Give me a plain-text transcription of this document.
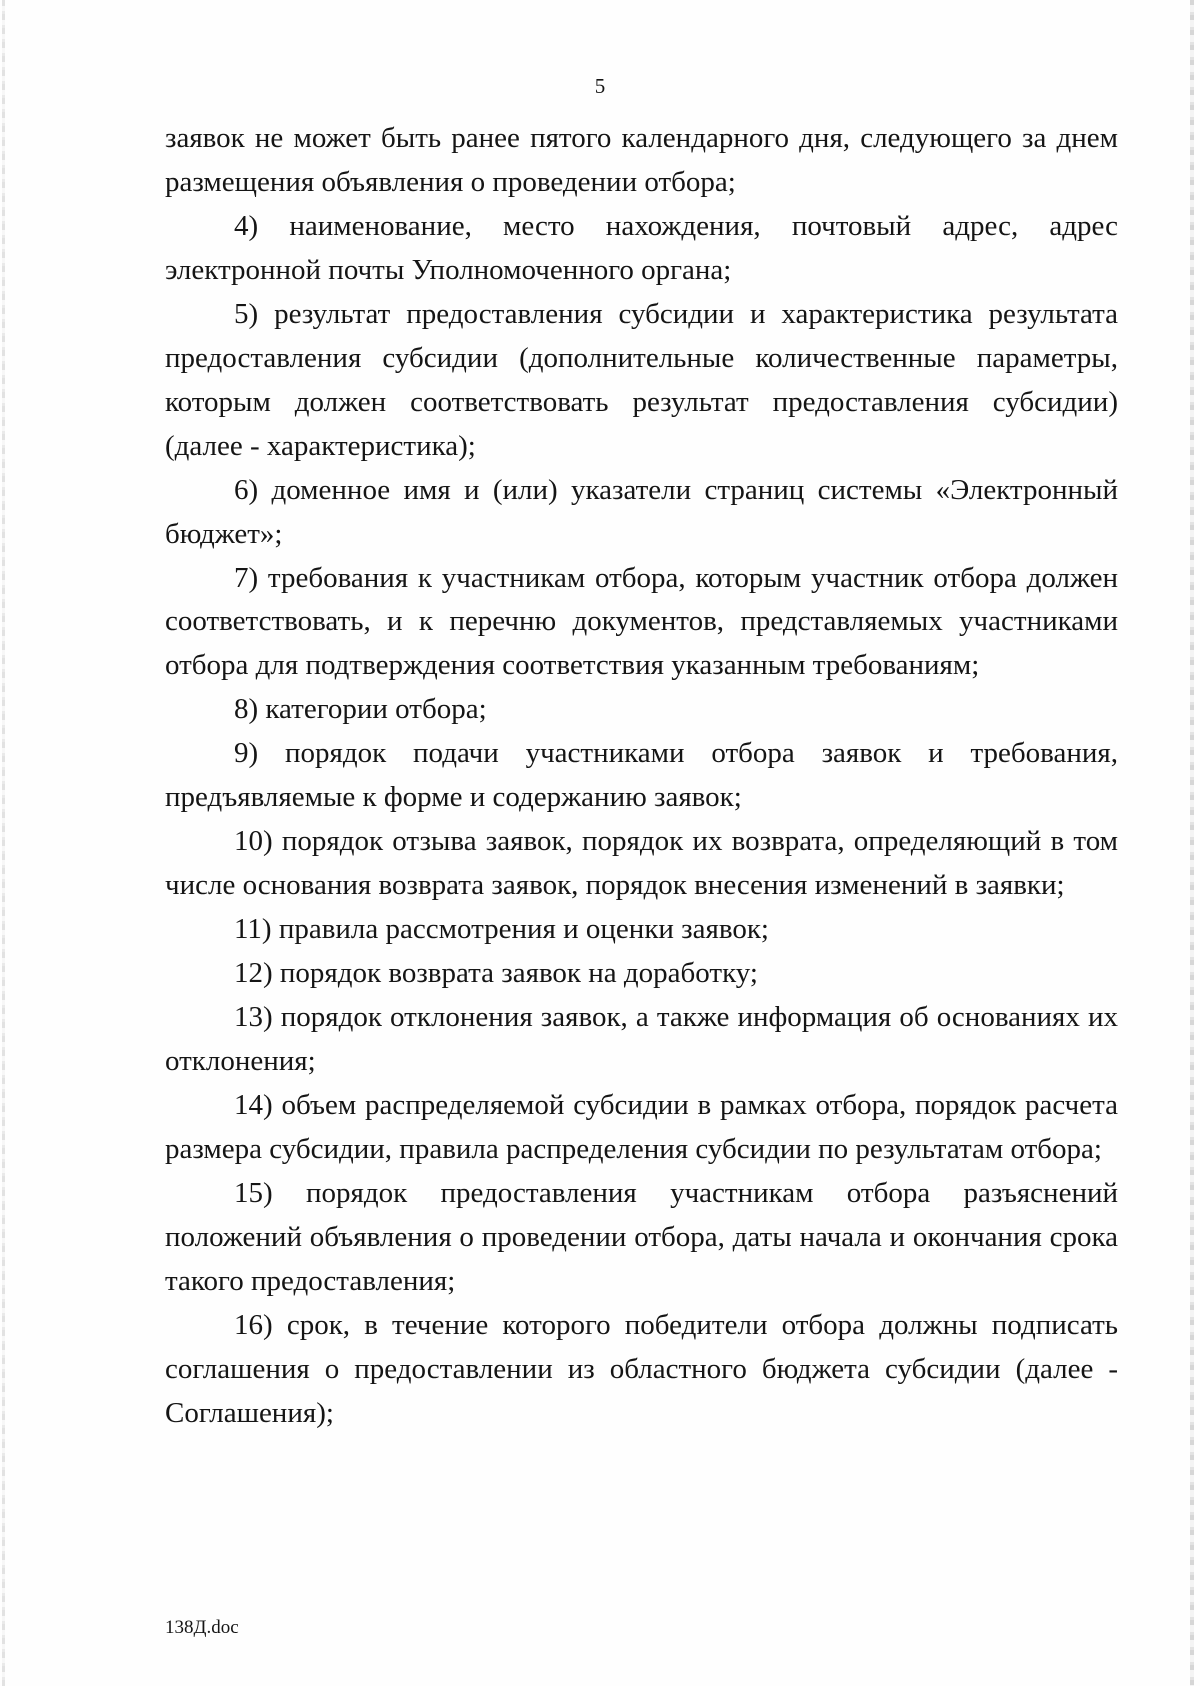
5

заявок не может быть ранее пятого календарного дня, следующего за днем размещения объявления о проведении отбора;

4) наименование, место нахождения, почтовый адрес, адрес электронной почты Уполномоченного органа;

5) результат предоставления субсидии и характеристика результата предоставления субсидии (дополнительные количественные параметры, которым должен соответствовать результат предоставления субсидии) (далее - характеристика);

6) доменное имя и (или) указатели страниц системы «Электронный бюджет»;

7) требования к участникам отбора, которым участник отбора должен соответствовать, и к перечню документов, представляемых участниками отбора для подтверждения соответствия указанным требованиям;

8) категории отбора;

9) порядок подачи участниками отбора заявок и требования, предъявляемые к форме и содержанию заявок;

10) порядок отзыва заявок, порядок их возврата, определяющий в том числе основания возврата заявок, порядок внесения изменений в заявки;

11) правила рассмотрения и оценки заявок;

12) порядок возврата заявок на доработку;

13) порядок отклонения заявок, а также информация об основаниях их отклонения;

14) объем распределяемой субсидии в рамках отбора, порядок расчета размера субсидии, правила распределения субсидии по результатам отбора;

15) порядок предоставления участникам отбора разъяснений положений объявления о проведении отбора, даты начала и окончания срока такого предоставления;

16) срок, в течение которого победители отбора должны подписать соглашения о предоставлении из областного бюджета субсидии (далее - Соглашения);

138Д.doc
